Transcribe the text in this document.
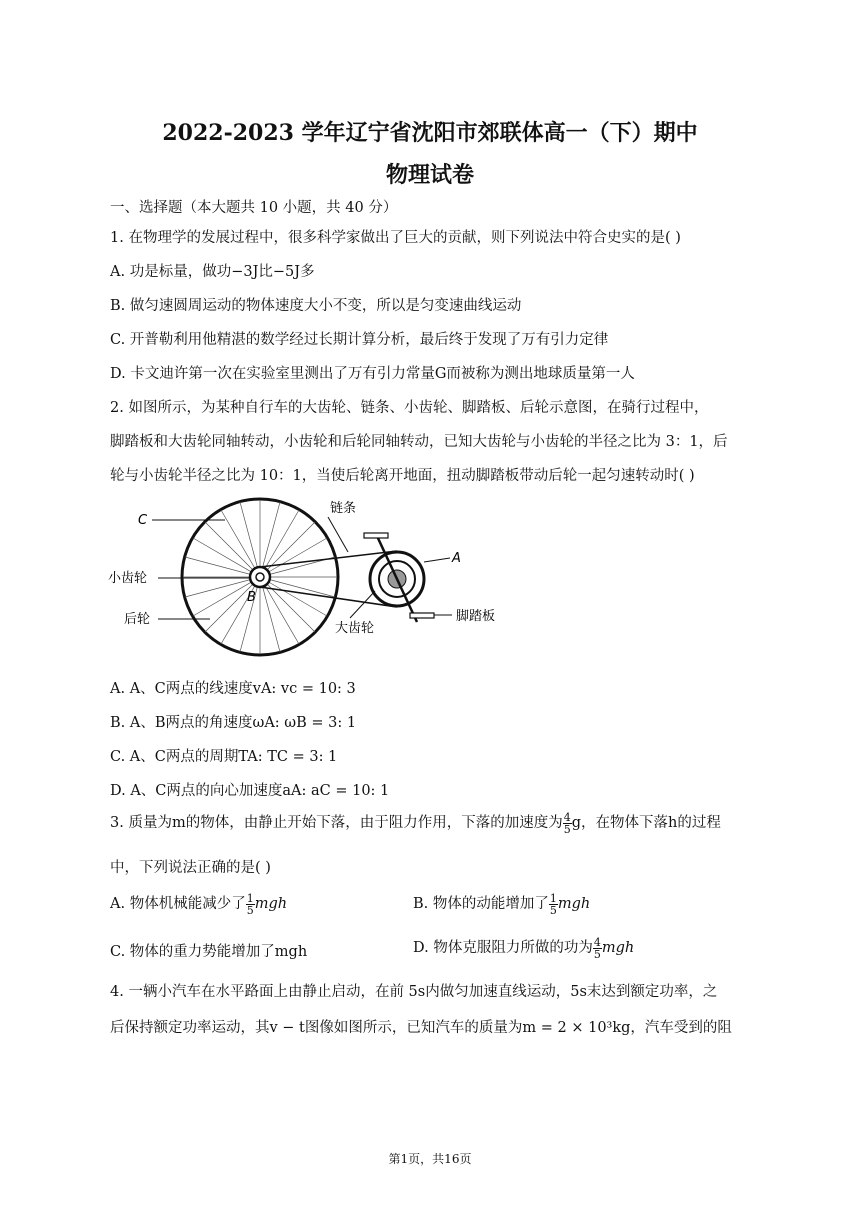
2022-2023 学年辽宁省沈阳市郊联体高一（下）期中
物理试卷
一、选择题（本大题共 10 小题，共 40 分）
1. 在物理学的发展过程中，很多科学家做出了巨大的贡献，则下列说法中符合史实的是( )
A. 功是标量，做功−3J比−5J多
B. 做匀速圆周运动的物体速度大小不变，所以是匀变速曲线运动
C. 开普勒利用他精湛的数学经过长期计算分析，最后终于发现了万有引力定律
D. 卡文迪许第一次在实验室里测出了万有引力常量G而被称为测出地球质量第一人
2. 如图所示，为某种自行车的大齿轮、链条、小齿轮、脚踏板、后轮示意图，在骑行过程中，
脚踏板和大齿轮同轴转动，小齿轮和后轮同轴转动，已知大齿轮与小齿轮的半径之比为 3：1，后
轮与小齿轮半径之比为 10：1，当使后轮离开地面，扭动脚踏板带动后轮一起匀速转动时( )
C
链条
A
小齿轮
B
后轮
大齿轮
脚踏板
A. A、C两点的线速度vA: vc = 10: 3
B. A、B两点的角速度ωA: ωB = 3: 1
C. A、C两点的周期TA: TC = 3: 1
D. A、C两点的向心加速度aA: aC = 10: 1
3. 质量为m的物体，由静止开始下落，由于阻力作用，下落的加速度为 $\frac{4}{5}$ g，在物体下落h的过程
中，下列说法正确的是( )
A. 物体机械能减少了 $\frac{1}{5}$ mgh	B. 物体的动能增加了 $\frac{1}{5}$ mgh
C. 物体的重力势能增加了mgh	D. 物体克服阻力所做的功为 $\frac{4}{5}$ mgh
4. 一辆小汽车在水平路面上由静止启动，在前 5s内做匀加速直线运动，5s末达到额定功率，之
后保持额定功率运动，其v − t图像如图所示，已知汽车的质量为m = 2 × 10³kg，汽车受到的阻
第1页，共16页
